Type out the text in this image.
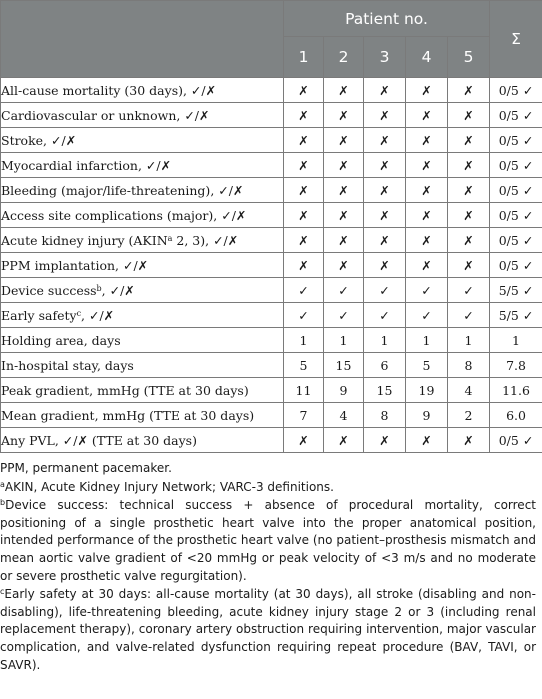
	Patient no.					Σ
	1	2	3	4	5	
All-cause mortality (30 days), ✓/✗	✗	✗	✗	✗	✗	0/5 ✓
Cardiovascular or unknown, ✓/✗	✗	✗	✗	✗	✗	0/5 ✓
Stroke, ✓/✗	✗	✗	✗	✗	✗	0/5 ✓
Myocardial infarction, ✓/✗	✗	✗	✗	✗	✗	0/5 ✓
Bleeding (major/life-threatening), ✓/✗	✗	✗	✗	✗	✗	0/5 ✓
Access site complications (major), ✓/✗	✗	✗	✗	✗	✗	0/5 ✓
Acute kidney injury (AKIN$^a$ 2, 3), ✓/✗	✗	✗	✗	✗	✗	0/5 ✓
PPM implantation, ✓/✗	✗	✗	✗	✗	✗	0/5 ✓
Device success$^b$, ✓/✗	✓	✓	✓	✓	✓	5/5 ✓
Early safety$^c$, ✓/✗	✓	✓	✓	✓	✓	5/5 ✓
Holding area, days	1	1	1	1	1	1
In-hospital stay, days	5	15	6	5	8	7.8
Peak gradient, mmHg (TTE at 30 days)	11	9	15	19	4	11.6
Mean gradient, mmHg (TTE at 30 days)	7	4	8	9	2	6.0
Any PVL, ✓/✗ (TTE at 30 days)	✗	✗	✗	✗	✗	0/5 ✓

PPM, permanent pacemaker.

$^a$AKIN, Acute Kidney Injury Network; VARC-3 definitions.

$^b$Device success: technical success + absence of procedural mortality, correct positioning of a single prosthetic heart valve into the proper anatomical position, intended performance of the prosthetic heart valve (no patient–prosthesis mismatch and mean aortic valve gradient of <20 mmHg or peak velocity of <3 m/s and no moderate or severe prosthetic valve regurgitation).

$^c$Early safety at 30 days: all-cause mortality (at 30 days), all stroke (disabling and non-disabling), life-threatening bleeding, acute kidney injury stage 2 or 3 (including renal replacement therapy), coronary artery obstruction requiring intervention, major vascular complication, and valve-related dysfunction requiring repeat procedure (BAV, TAVI, or SAVR).
